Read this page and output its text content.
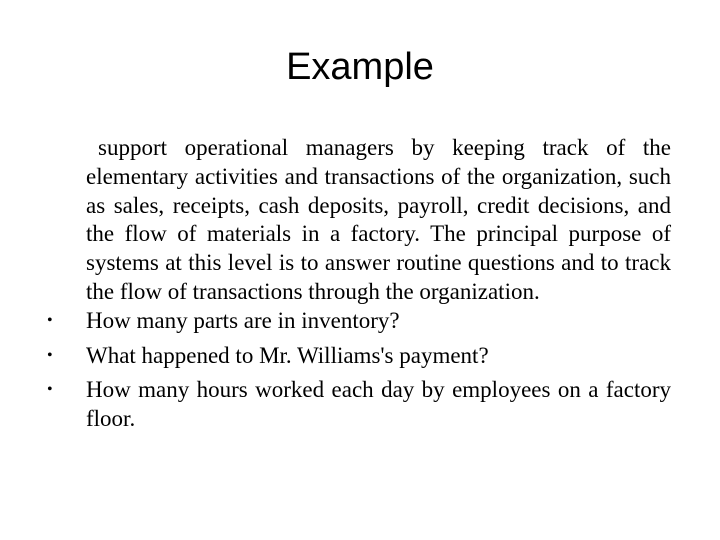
Example

support operational managers by keeping track of the elementary activities and transactions of the organization, such as sales, receipts, cash deposits, payroll, credit decisions, and the flow of materials in a factory. The principal purpose of systems at this level is to answer routine questions and to track the flow of transactions through the organization.

• How many parts are in inventory?
• What happened to Mr. Williams's payment?
• How many hours worked each day by employees on a factory floor.
